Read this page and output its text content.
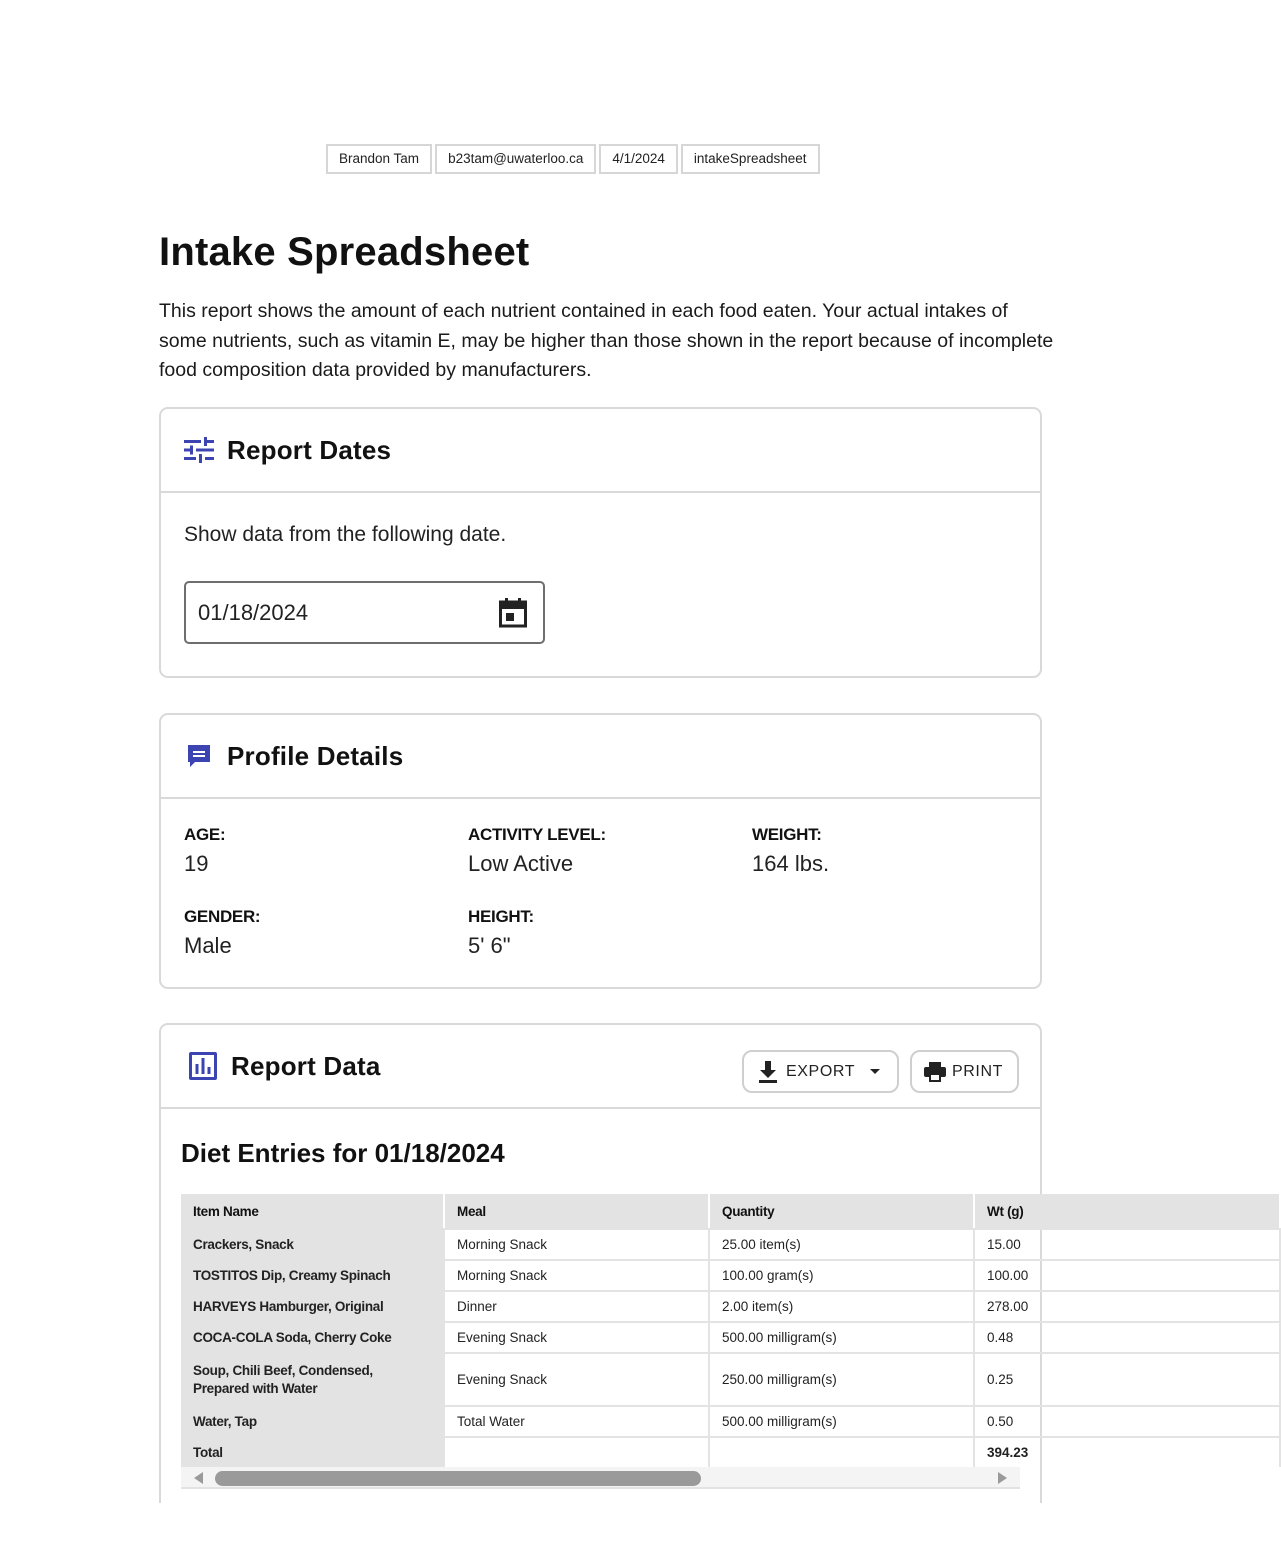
Brandon Tam	b23tam@uwaterloo.ca	4/1/2024	intakeSpreadsheet
Intake Spreadsheet

This report shows the amount of each nutrient contained in each food eaten. Your actual intakes of some nutrients, such as vitamin E, may be higher than those shown in the report because of incomplete food composition data provided by manufacturers.

Report Dates
Show data from the following date.
01/18/2024
Profile Details
AGE:
19
ACTIVITY LEVEL:
Low Active
WEIGHT:
164 lbs.
GENDER:
Male
HEIGHT:
5' 6"
Report Data	EXPORT	PRINT
Diet Entries for 01/18/2024
Item Name	Meal	Quantity	Wt (g)
Crackers, Snack	Morning Snack	25.00 item(s)	15.00
TOSTITOS Dip, Creamy Spinach	Morning Snack	100.00 gram(s)	100.00
HARVEYS Hamburger, Original	Dinner	2.00 item(s)	278.00
COCA-COLA Soda, Cherry Coke	Evening Snack	500.00 milligram(s)	0.48
Soup, Chili Beef, Condensed, Prepared with Water	Evening Snack	250.00 milligram(s)	0.25
Water, Tap	Total Water	500.00 milligram(s)	0.50
Total			394.23
